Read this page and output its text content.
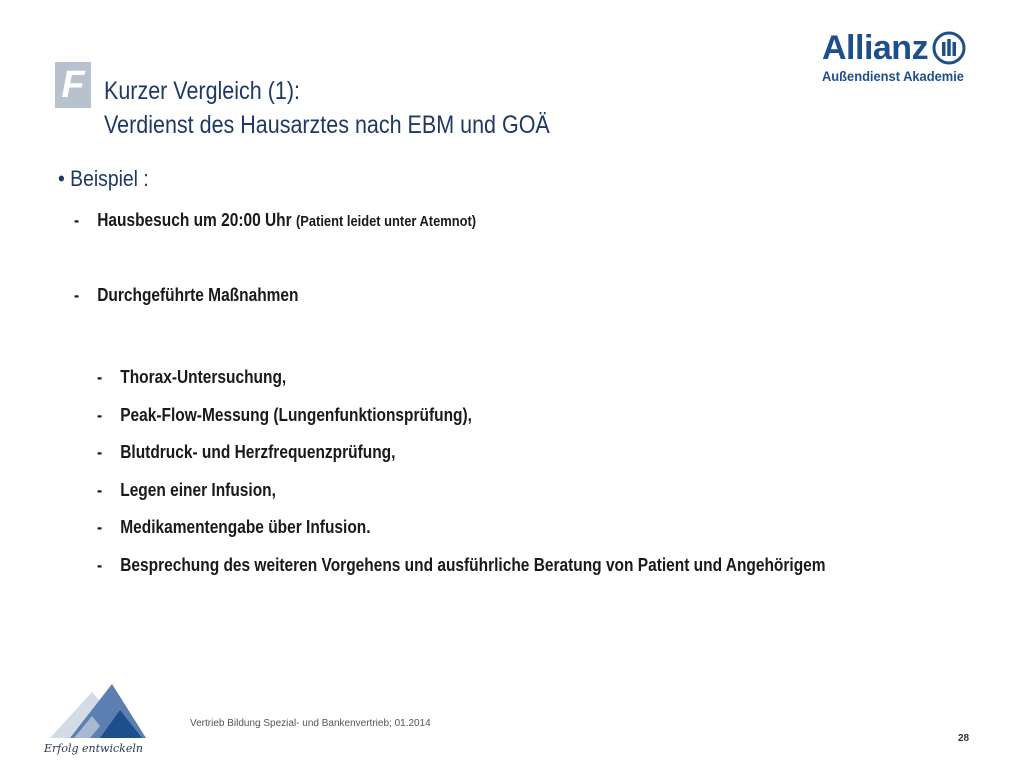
F Kurzer Vergleich (1):
Verdienst des Hausarztes nach EBM und GOÄ
Allianz
Außendienst Akademie
• Beispiel :
- Hausbesuch um 20:00 Uhr (Patient leidet unter Atemnot)
- Durchgeführte Maßnahmen
- Thorax-Untersuchung,
- Peak-Flow-Messung (Lungenfunktionsprüfung),
- Blutdruck- und Herzfrequenzprüfung,
- Legen einer Infusion,
- Medikamentengabe über Infusion.
- Besprechung des weiteren Vorgehens und ausführliche Beratung von Patient und Angehörigem
Erfolg entwickeln
Vertrieb Bildung Spezial- und Bankenvertrieb; 01.2014
28
